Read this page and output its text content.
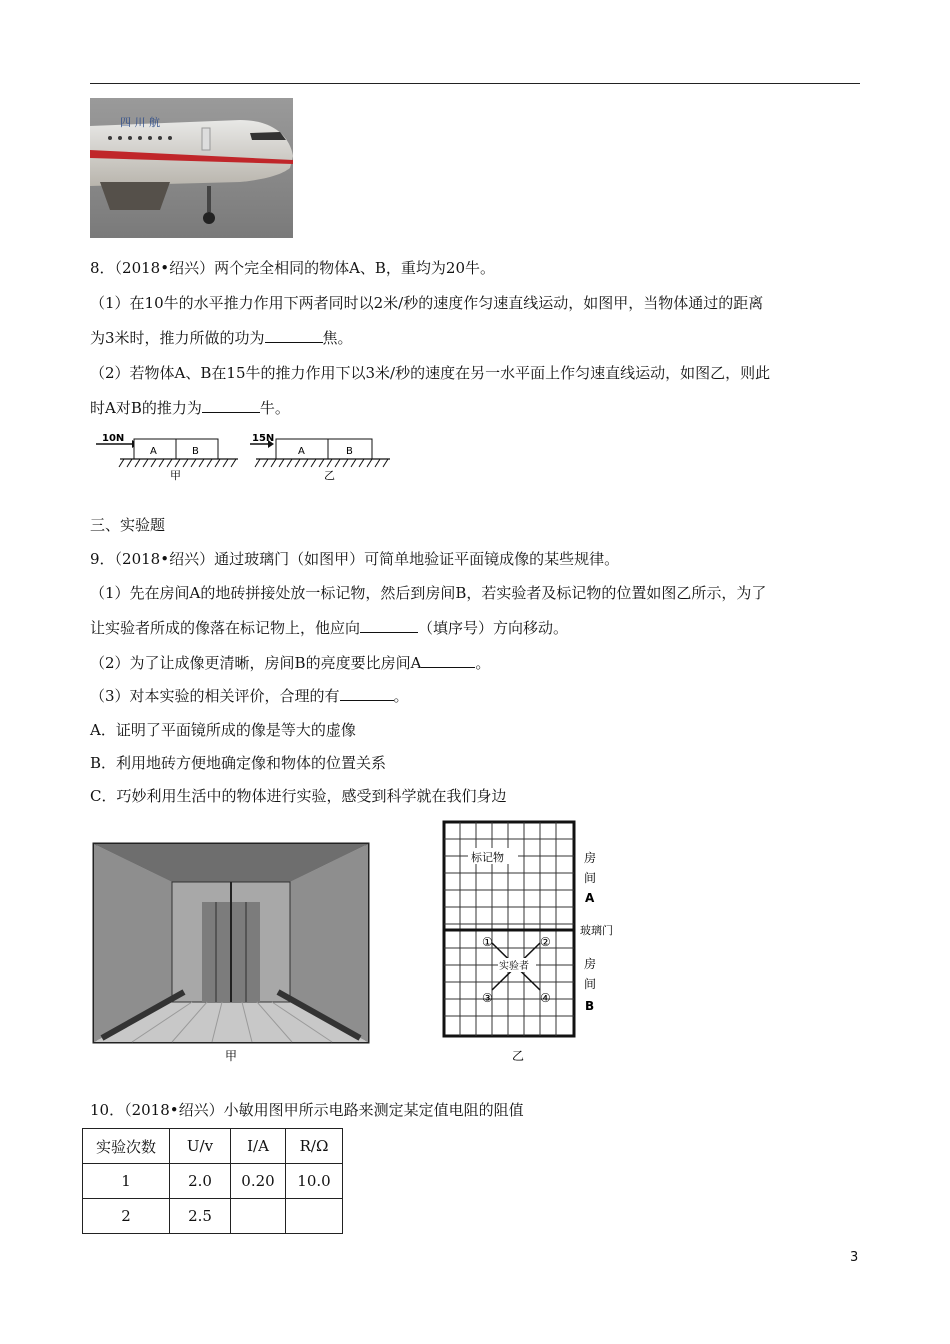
四 川 航
8．（2018•绍兴）两个完全相同的物体A、B，重均为20牛。
（1）在10牛的水平推力作用下两者同时以2米/秒的速度作匀速直线运动，如图甲，当物体通过的距离
为3米时，推力所做的功为	焦。
（2）若物体A、B在15牛的推力作用下以3米/秒的速度在另一水平面上作匀速直线运动，如图乙，则此
时A对B的推力为	牛。
10N
A	B
甲
15N
A	B
乙
三、实验题
9．（2018•绍兴）通过玻璃门（如图甲）可简单地验证平面镜成像的某些规律。
（1）先在房间A的地砖拼接处放一标记物，然后到房间B，若实验者及标记物的位置如图乙所示，为了
让实验者所成的像落在标记物上，他应向	（填序号）方向移动。
（2）为了让成像更清晰，房间B的亮度要比房间A	。
（3）对本实验的相关评价，合理的有	。
A．证明了平面镜所成的像是等大的虚像
B．利用地砖方便地确定像和物体的位置关系
C．巧妙利用生活中的物体进行实验，感受到科学就在我们身边
甲
标记物
实验者
①	②
③	④
房
间
A
玻璃门
房
间
B
乙
10．（2018•绍兴）小敏用图甲所示电路来测定某定值电阻的阻值
实验次数	U/v	I/A	R/Ω
1	2.0	0.20	10.0
2	2.5		
3
